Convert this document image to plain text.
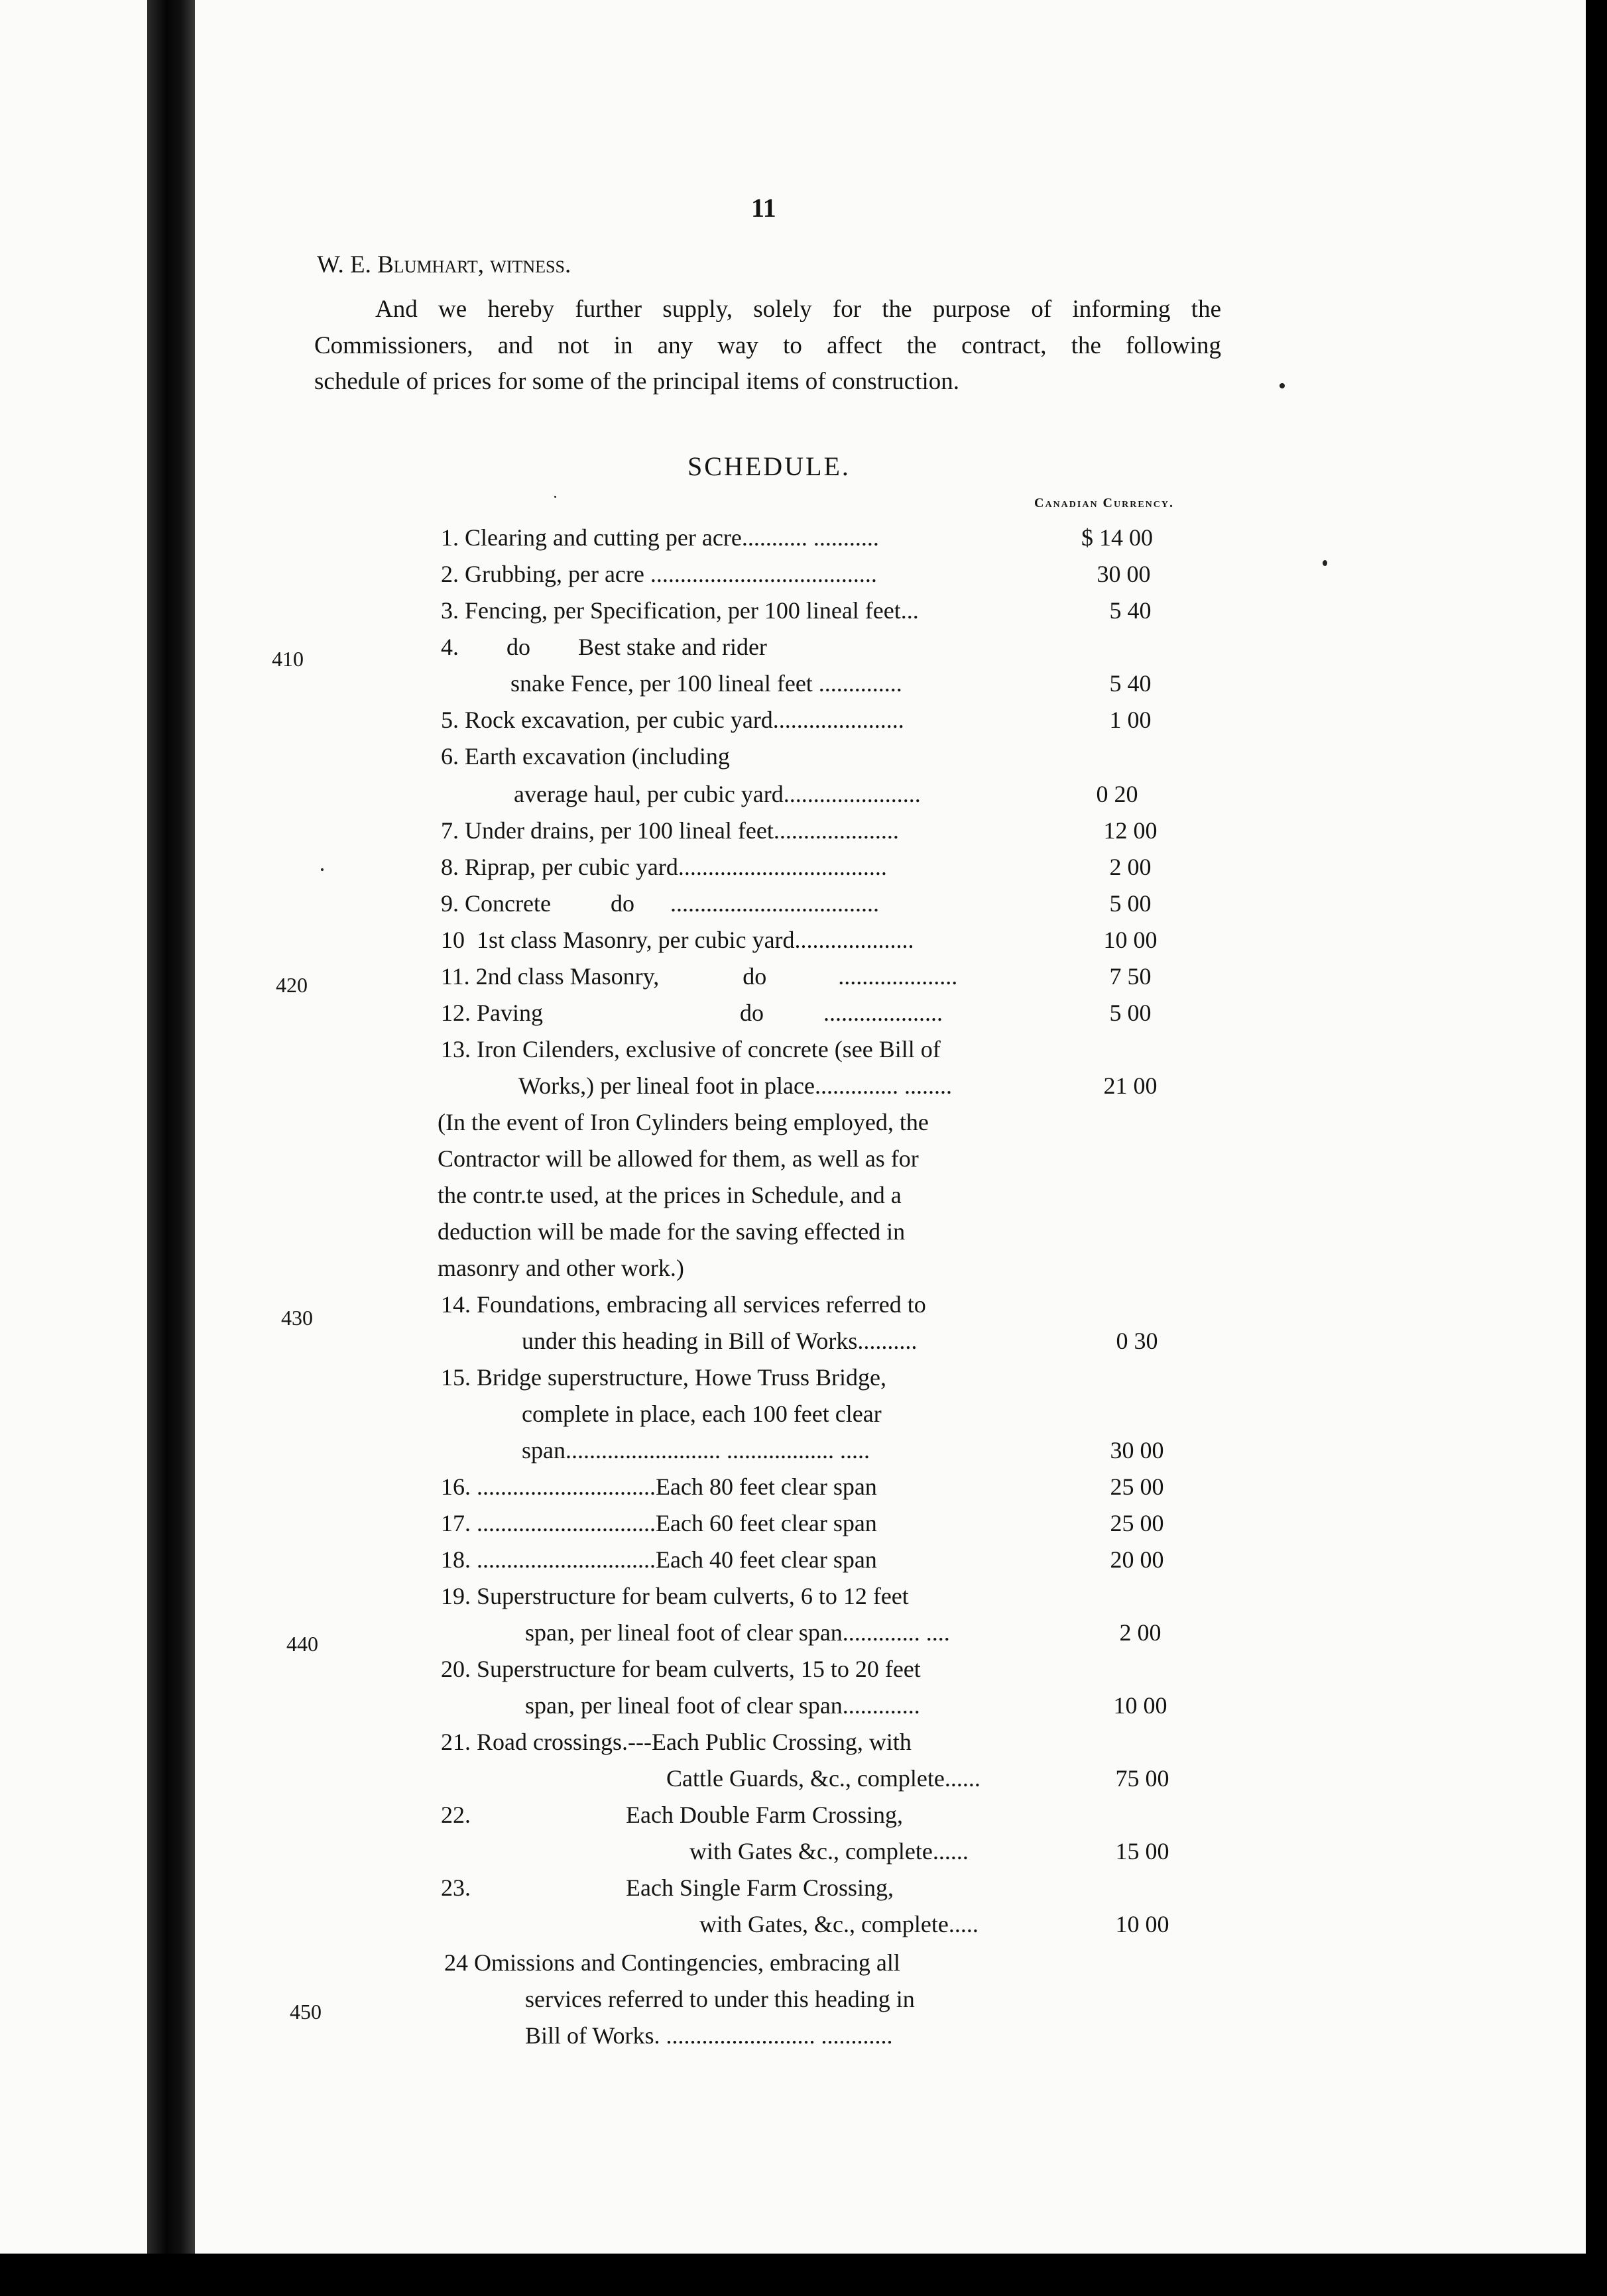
11
W. E. Blumhart, witness.
And we hereby further supply, solely for the purpose of informing the
Commissioners, and not in any way to affect the contract, the following
schedule of prices for some of the principal items of construction.
SCHEDULE.
Canadian Currency.
410
420
430
440
450
1. Clearing and cutting per acre........... ...........
2. Grubbing, per acre ......................................
3. Fencing, per Specification, per 100 lineal feet...
4.        do        Best stake and rider
snake Fence, per 100 lineal feet ..............
5. Rock excavation, per cubic yard......................
6. Earth excavation (including
average haul, per cubic yard.......................
7. Under drains, per 100 lineal feet.....................
8. Riprap, per cubic yard...................................
9. Concrete          do      ...................................
10  1st class Masonry, per cubic yard....................
11. 2nd class Masonry,              do            ....................
12. Paving                                 do          ....................
13. Iron Cilenders, exclusive of concrete (see Bill of
Works,) per lineal foot in place.............. ........
(In the event of Iron Cylinders being employed, the
Contractor will be allowed for them, as well as for
the contr.te used, at the prices in Schedule, and a
deduction will be made for the saving effected in
masonry and other work.)
14. Foundations, embracing all services referred to
under this heading in Bill of Works..........
15. Bridge superstructure, Howe Truss Bridge,
complete in place, each 100 feet clear
span.......................... .................. .....
16. ..............................Each 80 feet clear span
17. ..............................Each 60 feet clear span
18. ..............................Each 40 feet clear span
19. Superstructure for beam culverts, 6 to 12 feet
span, per lineal foot of clear span............. ....
20. Superstructure for beam culverts, 15 to 20 feet
span, per lineal foot of clear span.............
21. Road crossings.---Each Public Crossing, with
Cattle Guards, &c., complete......
22.                          Each Double Farm Crossing,
with Gates &c., complete......
23.                          Each Single Farm Crossing,
with Gates, &c., complete.....
24 Omissions and Contingencies, embracing all
services referred to under this heading in
Bill of Works. ......................... ............
$ 14 00
30 00
5 40
5 40
1 00
0 20
12 00
2 00
5 00
10 00
7 50
5 00
21 00
0 30
30 00
25 00
25 00
20 00
2 00
10 00
75 00
15 00
10 00
